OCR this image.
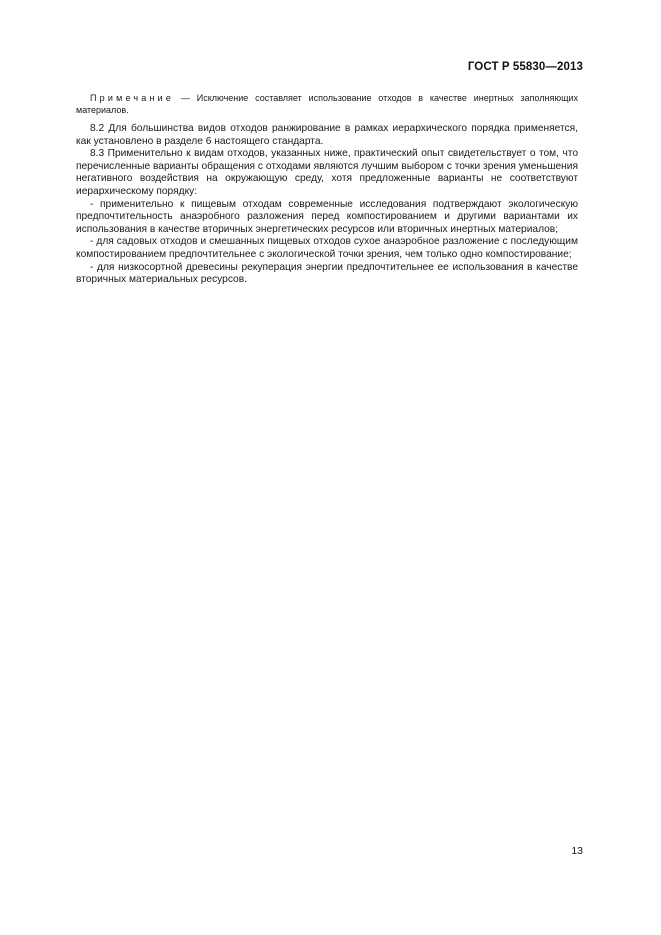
ГОСТ Р 55830—2013

Примечание — Исключение составляет использование отходов в качестве инертных заполняющих материалов.

8.2 Для большинства видов отходов ранжирование в рамках иерархического порядка применяется, как установлено в разделе 6 настоящего стандарта.

8.3 Применительно к видам отходов, указанных ниже, практический опыт свидетельствует о том, что перечисленные варианты обращения с отходами являются лучшим выбором с точки зрения уменьшения негативного воздействия на окружающую среду, хотя предложенные варианты не соответствуют иерархическому порядку:

- применительно к пищевым отходам современные исследования подтверждают экологическую предпочтительность анаэробного разложения перед компостированием и другими вариантами их использования в качестве вторичных энергетических ресурсов или вторичных инертных материалов;

- для садовых отходов и смешанных пищевых отходов сухое анаэробное разложение с последующим компостированием предпочтительнее с экологической точки зрения, чем только одно компостирование;

- для низкосортной древесины рекуперация энергии предпочтительнее ее использования в качестве вторичных материальных ресурсов.

13
